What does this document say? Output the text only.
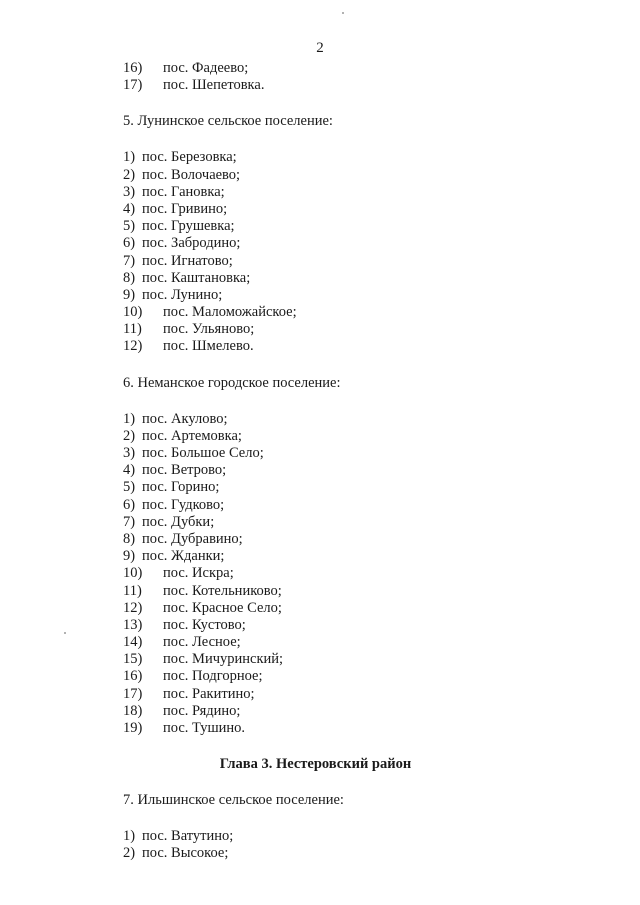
2
16)	пос. Фадеево;
17)	пос. Шепетовка.
5. Лунинское сельское поселение:
1) пос. Березовка;
2) пос. Волочаево;
3) пос. Гановка;
4) пос. Гривино;
5) пос. Грушевка;
6) пос. Забродино;
7) пос. Игнатово;
8) пос. Каштановка;
9) пос. Лунино;
10)	пос. Маломожайское;
11)	пос. Ульяново;
12)	пос. Шмелево.
6. Неманское городское поселение:
1) пос. Акулово;
2) пос. Артемовка;
3) пос. Большое Село;
4) пос. Ветрово;
5) пос. Горино;
6) пос. Гудково;
7) пос. Дубки;
8) пос. Дубравино;
9) пос. Жданки;
10)	пос. Искра;
11)	пос. Котельниково;
12)	пос. Красное Село;
13)	пос. Кустово;
14)	пос. Лесное;
15)	пос. Мичуринский;
16)	пос. Подгорное;
17)	пос. Ракитино;
18)	пос. Рядино;
19)	пос. Тушино.
Глава 3. Нестеровский район
7. Ильшинское сельское поселение:
1) пос. Ватутино;
2) пос. Высокое;
